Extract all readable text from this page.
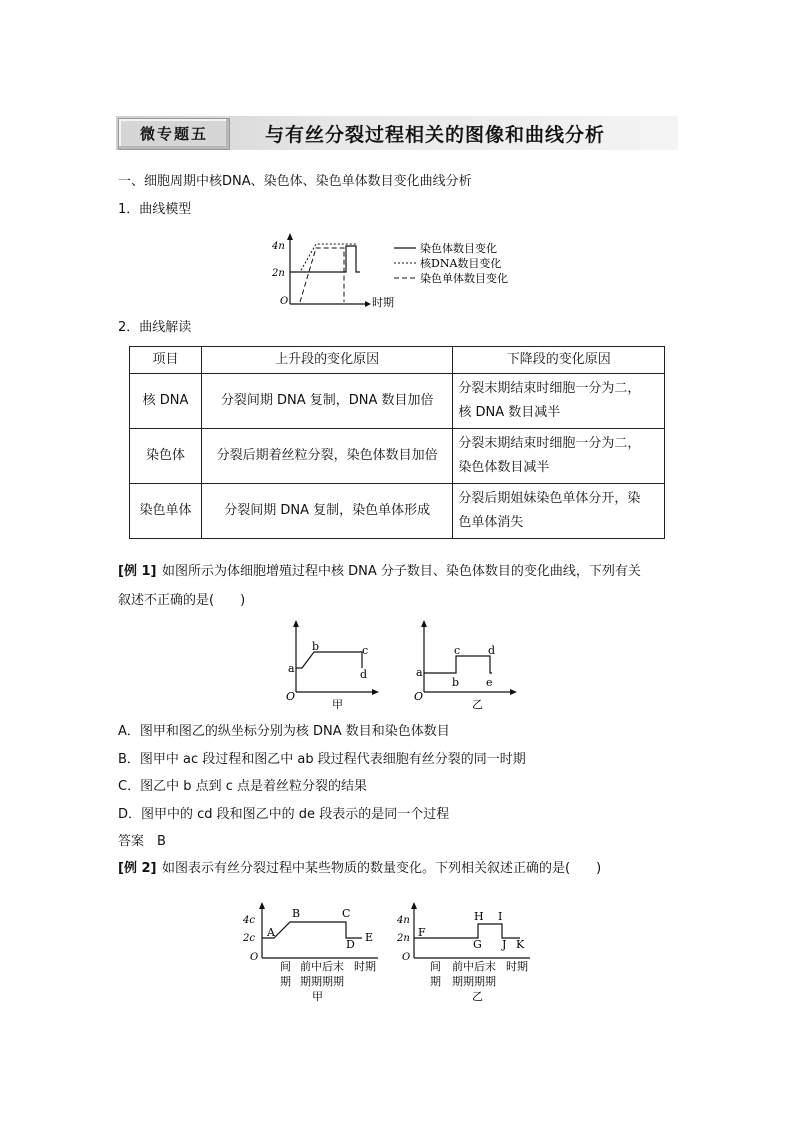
微专题五	与有丝分裂过程相关的图像和曲线分析
一、细胞周期中核DNA、染色体、染色单体数目变化曲线分析
1．曲线模型
4n
2n
O	时期
染色体数目变化
核DNA数目变化
染色单体数目变化
2．曲线解读
项目	上升段的变化原因	下降段的变化原因
核 DNA	分裂间期 DNA 复制，DNA 数目加倍	分裂末期结束时细胞一分为二，
核 DNA 数目减半

染色体	分裂后期着丝粒分裂，染色体数目加倍	分裂末期结束时细胞一分为二，
染色体数目减半

染色单体	分裂间期 DNA 复制，染色单体形成	分裂后期姐妹染色单体分开，染
色单体消失
[例 1] 如图所示为体细胞增殖过程中核 DNA 分子数目、染色体数目的变化曲线，下列有关
叙述不正确的是(　　)
a
b	c
d
O
甲
a
b
c	d
e
O
乙
A．图甲和图乙的纵坐标分别为核 DNA 数目和染色体数目
B．图甲中 ac 段过程和图乙中 ab 段过程代表细胞有丝分裂的同一时期
C．图乙中 b 点到 c 点是着丝粒分裂的结果
D．图甲中的 cd 段和图乙中的 de 段表示的是同一个过程
答案　B
[例 2] 如图表示有丝分裂过程中某些物质的数量变化。下列相关叙述正确的是(　　)
4c
2c
O
A
B	C
D
E
间 前中后末 时期
期 期期期期
甲
4n
2n
O
F
G
H I
J K
间 前中后末 时期
期 期期期期
乙
